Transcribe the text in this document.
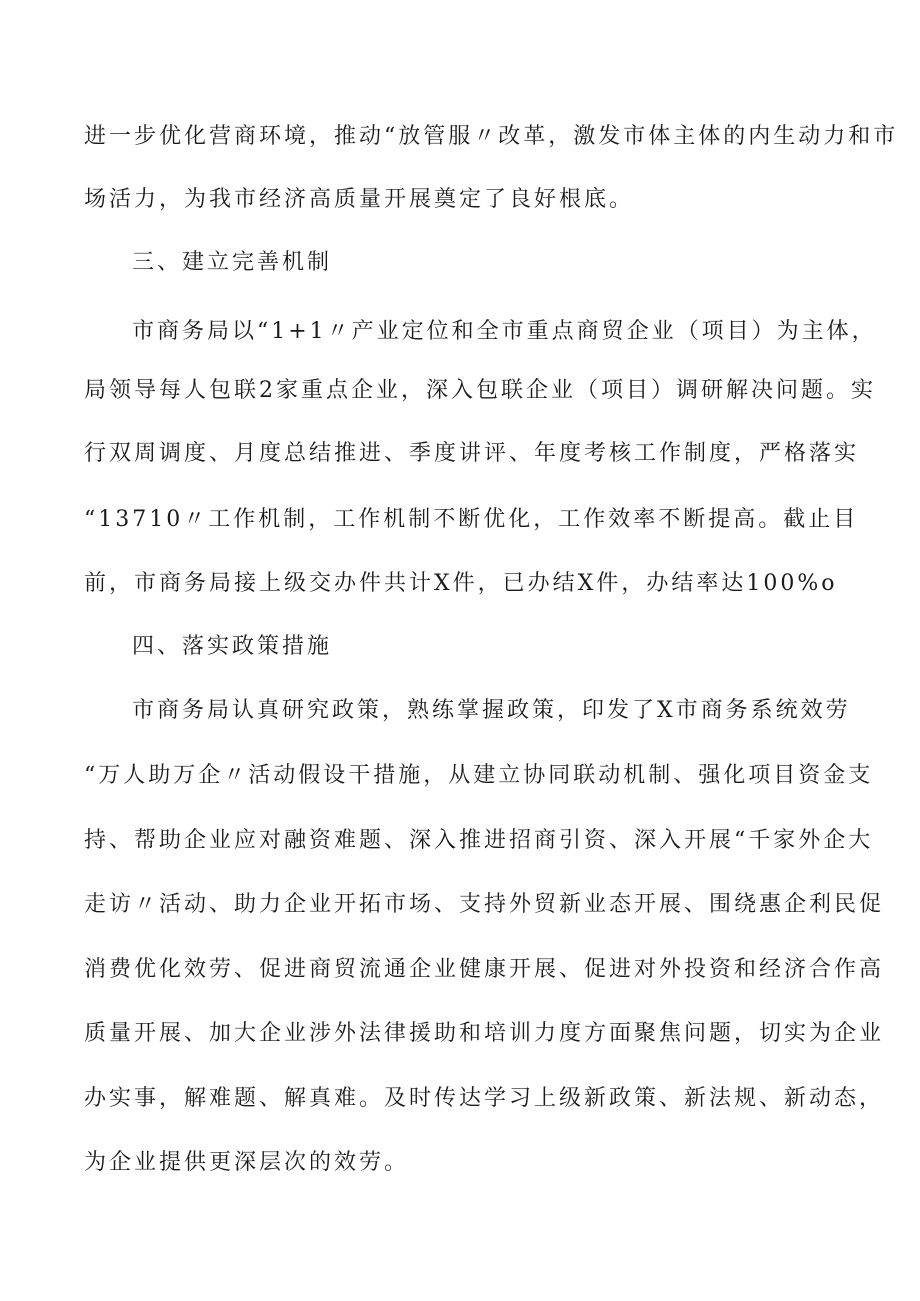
进一步优化营商环境，推动“放管服〃改革，激发市体主体的内生动力和市
场活力，为我市经济高质量开展奠定了良好根底。
三、建立完善机制
市商务局以“1+1〃产业定位和全市重点商贸企业（项目）为主体，
局领导每人包联2家重点企业，深入包联企业（项目）调研解决问题。实
行双周调度、月度总结推进、季度讲评、年度考核工作制度，严格落实
“13710〃工作机制，工作机制不断优化，工作效率不断提高。截止目
前，市商务局接上级交办件共计X件，已办结X件，办结率达100%o
四、落实政策措施
市商务局认真研究政策，熟练掌握政策，印发了X市商务系统效劳
“万人助万企〃活动假设干措施，从建立协同联动机制、强化项目资金支
持、帮助企业应对融资难题、深入推进招商引资、深入开展“千家外企大
走访〃活动、助力企业开拓市场、支持外贸新业态开展、围绕惠企利民促
消费优化效劳、促进商贸流通企业健康开展、促进对外投资和经济合作高
质量开展、加大企业涉外法律援助和培训力度方面聚焦问题，切实为企业
办实事，解难题、解真难。及时传达学习上级新政策、新法规、新动态，
为企业提供更深层次的效劳。
